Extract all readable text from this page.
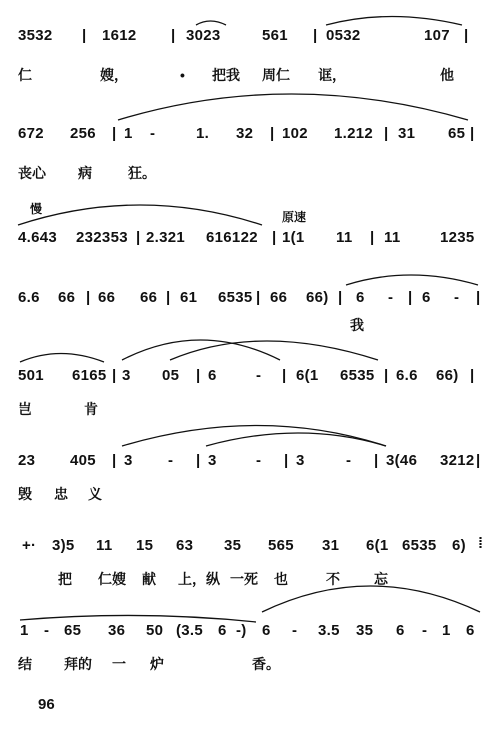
3532 | 1612 | 3023	561 | 0532	107 |
仁	嫂，	• 把我 周仁 诓，	他
672 256 | 1 -	1. 32 | 102 1.212 | 31 65 |
丧心 病	狂。
慢
原速
4.643 232353 | 2.321 616122 | 1(1 11 | 11	1235
6.6 66 | 66 66 | 61 6535 | 66 66) | 6 - | 6 - |
我
501 6165 | 3 05 | 6	- | 6(1 6535 | 6.6 66) |
岂	肯
23 405 | 3 - | 3	- | 3	- | 3(46 3212 |
毁 忠 义
+· 3)5 11 15 63 35 565 31 6(1 6535 6) ⁞
把 仁嫂 献 上，纵 一死 也	不 忘
1 - 65 36 50 (3.5 6 -) 6 - 3.5 35 6 - 1 6
结 拜的 一 炉	香。
96
